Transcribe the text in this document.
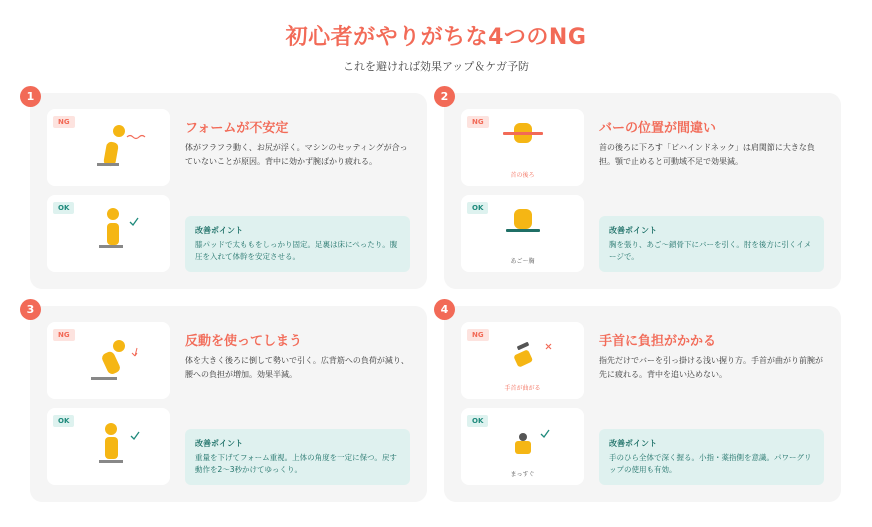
初心者がやりがちな4つのNG
これを避ければ効果アップ＆ケガ予防
1
NG
OK
フォームが不安定
体がフラフラ動く、お尻が浮く。マシンのセッティングが合っていないことが原因。背中に効かず腕ばかり疲れる。
改善ポイント
膝パッドで太ももをしっかり固定。足裏は床にぺったり。腹圧を入れて体幹を安定させる。
2
NG
首の後ろ
OK
あご〜胸
バーの位置が間違い
首の後ろに下ろす「ビハインドネック」は肩関節に大きな負担。顎で止めると可動域不足で効果減。
改善ポイント
胸を張り、あご〜鎖骨下にバーを引く。肘を後方に引くイメージで。
3
NG
OK
反動を使ってしまう
体を大きく後ろに倒して勢いで引く。広背筋への負荷が減り、腰への負担が増加。効果半減。
改善ポイント
重量を下げてフォーム重視。上体の角度を一定に保つ。戻す動作を2〜3秒かけてゆっくり。
4
NG
手首が曲がる
OK
まっすぐ
手首に負担がかかる
指先だけでバーを引っ掛ける浅い握り方。手首が曲がり前腕が先に疲れる。背中を追い込めない。
改善ポイント
手のひら全体で深く握る。小指・薬指側を意識。パワーグリップの使用も有効。
